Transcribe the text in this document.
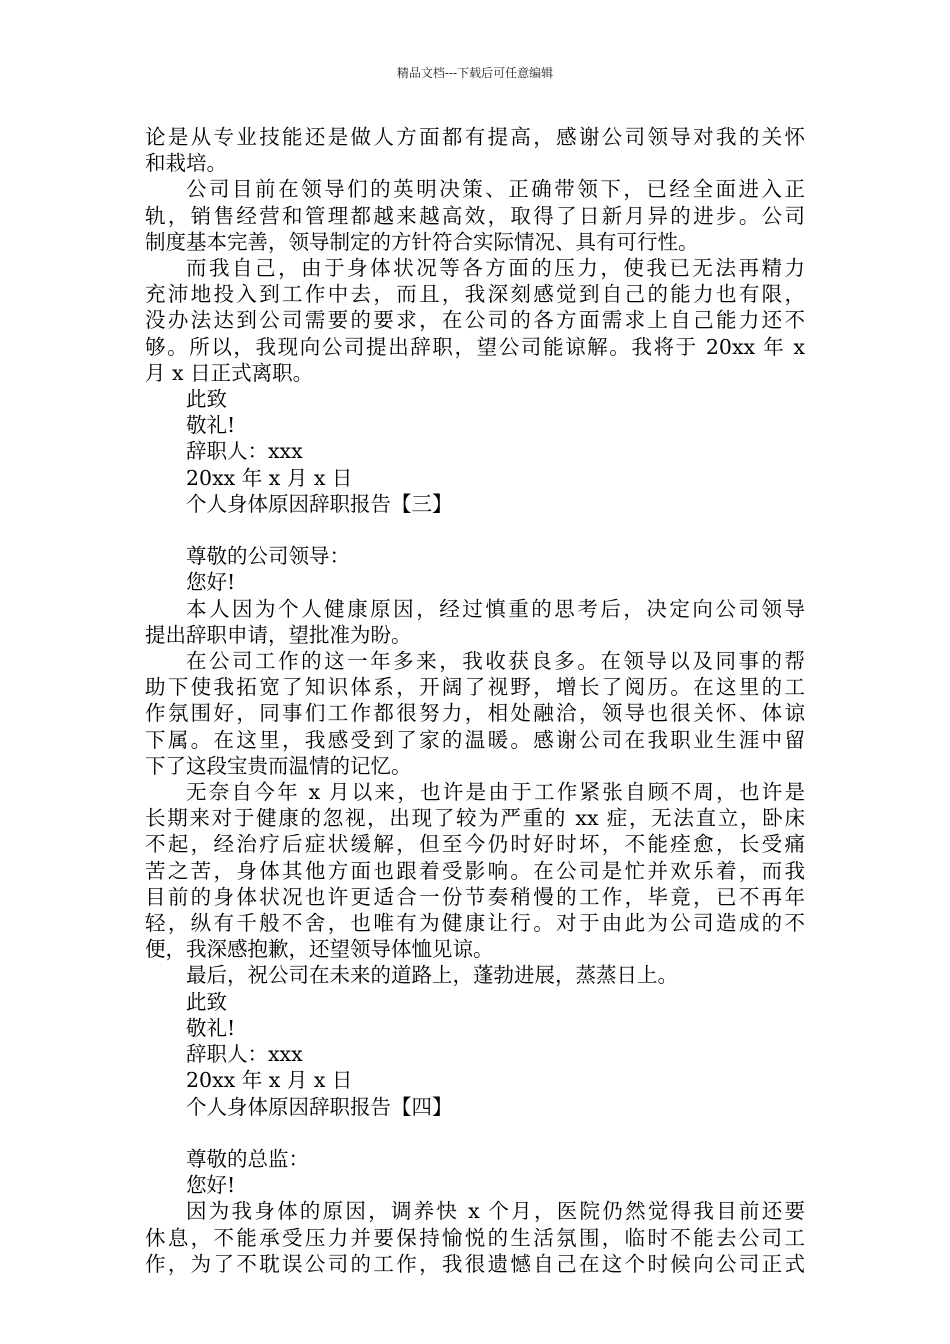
精品文档---下载后可任意编辑

论是从专业技能还是做人方面都有提高，感谢公司领导对我的关怀

和栽培。

公司目前在领导们的英明决策、正确带领下，已经全面进入正

轨，销售经营和管理都越来越高效，取得了日新月异的进步。公司

制度基本完善，领导制定的方针符合实际情况、具有可行性。

而我自己，由于身体状况等各方面的压力，使我已无法再精力

充沛地投入到工作中去，而且，我深刻感觉到自己的能力也有限，

没办法达到公司需要的要求，在公司的各方面需求上自己能力还不

够。所以，我现向公司提出辞职，望公司能谅解。我将于 20xx 年 x

月 x 日正式离职。

此致

敬礼!

辞职人：xxx

20xx 年 x 月 x 日

个人身体原因辞职报告【三】

尊敬的公司领导：

您好!

本人因为个人健康原因，经过慎重的思考后，决定向公司领导

提出辞职申请，望批准为盼。

在公司工作的这一年多来，我收获良多。在领导以及同事的帮

助下使我拓宽了知识体系，开阔了视野，增长了阅历。在这里的工

作氛围好，同事们工作都很努力，相处融洽，领导也很关怀、体谅

下属。在这里，我感受到了家的温暖。感谢公司在我职业生涯中留

下了这段宝贵而温情的记忆。

无奈自今年 x 月以来，也许是由于工作紧张自顾不周，也许是

长期来对于健康的忽视，出现了较为严重的 xx 症，无法直立，卧床

不起，经治疗后症状缓解，但至今仍时好时坏，不能痊愈，长受痛

苦之苦，身体其他方面也跟着受影响。在公司是忙并欢乐着，而我

目前的身体状况也许更适合一份节奏稍慢的工作，毕竟，已不再年

轻，纵有千般不舍，也唯有为健康让行。对于由此为公司造成的不

便，我深感抱歉，还望领导体恤见谅。

最后，祝公司在未来的道路上，蓬勃进展，蒸蒸日上。

此致

敬礼!

辞职人：xxx

20xx 年 x 月 x 日

个人身体原因辞职报告【四】

尊敬的总监：

您好!

因为我身体的原因，调养快 x 个月，医院仍然觉得我目前还要

休息，不能承受压力并要保持愉悦的生活氛围，临时不能去公司工

作，为了不耽误公司的工作，我很遗憾自己在这个时候向公司正式
